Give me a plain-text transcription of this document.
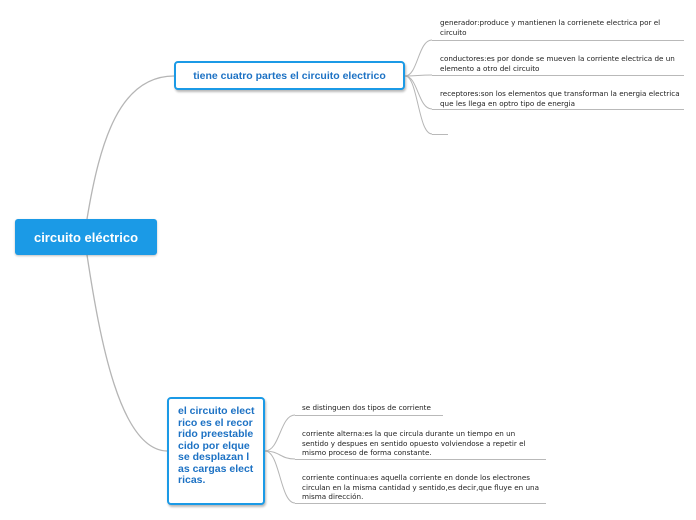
circuito eléctrico
tiene cuatro partes el circuito electrico
el circuito electrico es el recorrido preestablecido por elque se desplazan las cargas electricas.
generador:produce y mantienen la corrienete electrica por el circuito
conductores:es por donde se mueven la corriente electrica de un elemento a otro del circuito
receptores:son los elementos que transforman la energia electrica que les llega en optro tipo de energia
se distinguen dos tipos de corriente
corriente alterna:es la que circula durante un tiempo en un sentido y despues en sentido opuesto volviendose a repetir el mismo proceso de forma constante.
corriente continua:es aquella corriente en donde los electrones circulan en la misma cantidad y sentido,es decir,que fluye en una misma dirección.
